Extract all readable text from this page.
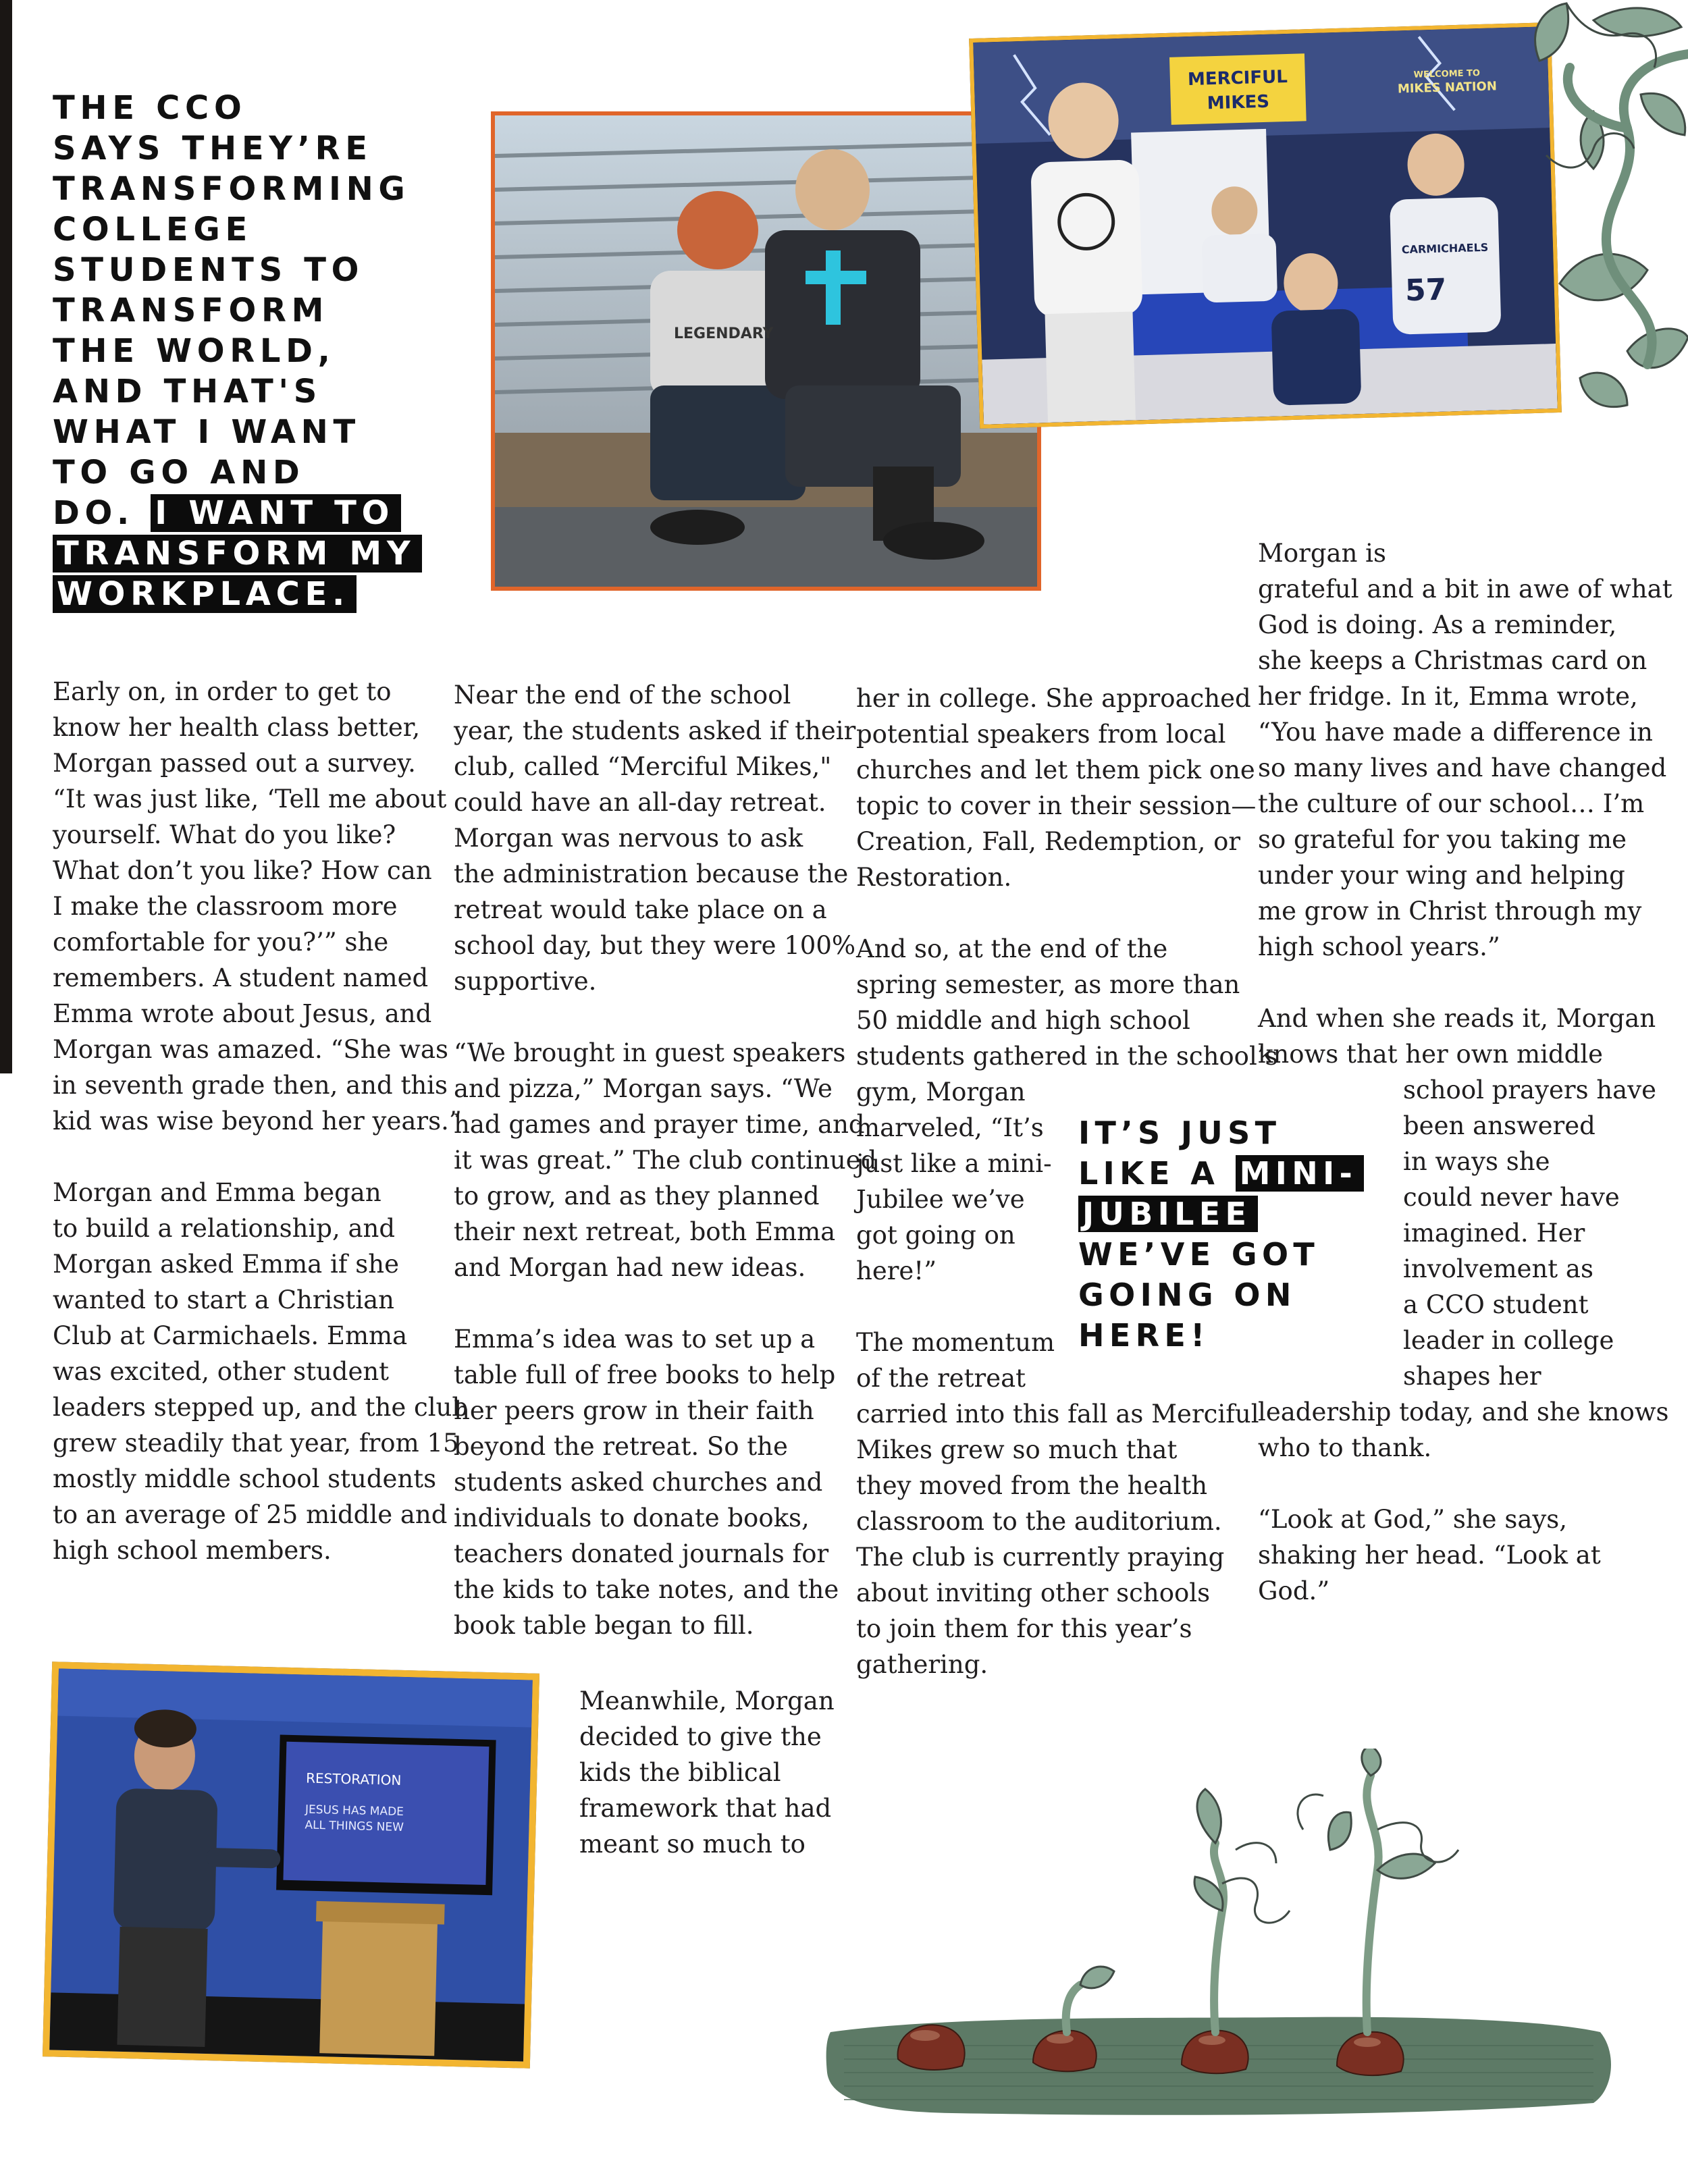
THE CCO
SAYS THEY’RE
TRANSFORMING
COLLEGE
STUDENTS TO
TRANSFORM
THE WORLD,
AND THAT'S
WHAT I WANT
TO GO AND
DO. I WANT TO
TRANSFORM MY
WORKPLACE.
LEGENDARY
MERCIFUL
MIKES
WELCOME TO
MIKES NATION
CARMICHAELS
57
RESTORATION
JESUS HAS MADE
ALL THINGS NEW

Early on, in order to get to
know her health class better,
Morgan passed out a survey.
“It was just like, ‘Tell me about
yourself. What do you like?
What don’t you like? How can
I make the classroom more
comfortable for you?’” she
remembers. A student named
Emma wrote about Jesus, and
Morgan was amazed. “She was
in seventh grade then, and this
kid was wise beyond her years.”

Morgan and Emma began
to build a relationship, and
Morgan asked Emma if she
wanted to start a Christian
Club at Carmichaels. Emma
was excited, other student
leaders stepped up, and the club
grew steadily that year, from 15
mostly middle school students
to an average of 25 middle and
high school members.

Near the end of the school
year, the students asked if their
club, called “Merciful Mikes,"
could have an all-day retreat.
Morgan was nervous to ask
the administration because the
retreat would take place on a
school day, but they were 100%
supportive.

“We brought in guest speakers
and pizza,” Morgan says. “We
had games and prayer time, and
it was great.” The club continued
to grow, and as they planned
their next retreat, both Emma
and Morgan had new ideas.

Emma’s idea was to set up a
table full of free books to help
her peers grow in their faith
beyond the retreat. So the
students asked churches and
individuals to donate books,
teachers donated journals for
the kids to take notes, and the
book table began to fill.

Meanwhile, Morgan
decided to give the
kids the biblical
framework that had
meant so much to

her in college. She approached
potential speakers from local
churches and let them pick one
topic to cover in their session—
Creation, Fall, Redemption, or
Restoration.

And so, at the end of the
spring semester, as more than
50 middle and high school
students gathered in the school’s
gym, Morgan
marveled, “It’s
just like a mini-
Jubilee we’ve
got going on
here!”

The momentum
of the retreat
carried into this fall as Merciful
Mikes grew so much that
they moved from the health
classroom to the auditorium.
The club is currently praying
about inviting other schools
to join them for this year’s
gathering.

IT’S JUST
LIKE A MINI-
JUBILEE
WE’VE GOT
GOING ON
HERE!

Morgan is
grateful and a bit in awe of what
God is doing. As a reminder,
she keeps a Christmas card on
her fridge. In it, Emma wrote,
“You have made a difference in
so many lives and have changed
the culture of our school… I’m
so grateful for you taking me
under your wing and helping
me grow in Christ through my
high school years.”

And when she reads it, Morgan
knows that her own middle
school prayers have
been answered
in ways she
could never have
imagined. Her
involvement as
a CCO student
leader in college
shapes her
leadership today, and she knows
who to thank.

“Look at God,” she says,
shaking her head. “Look at
God.”
